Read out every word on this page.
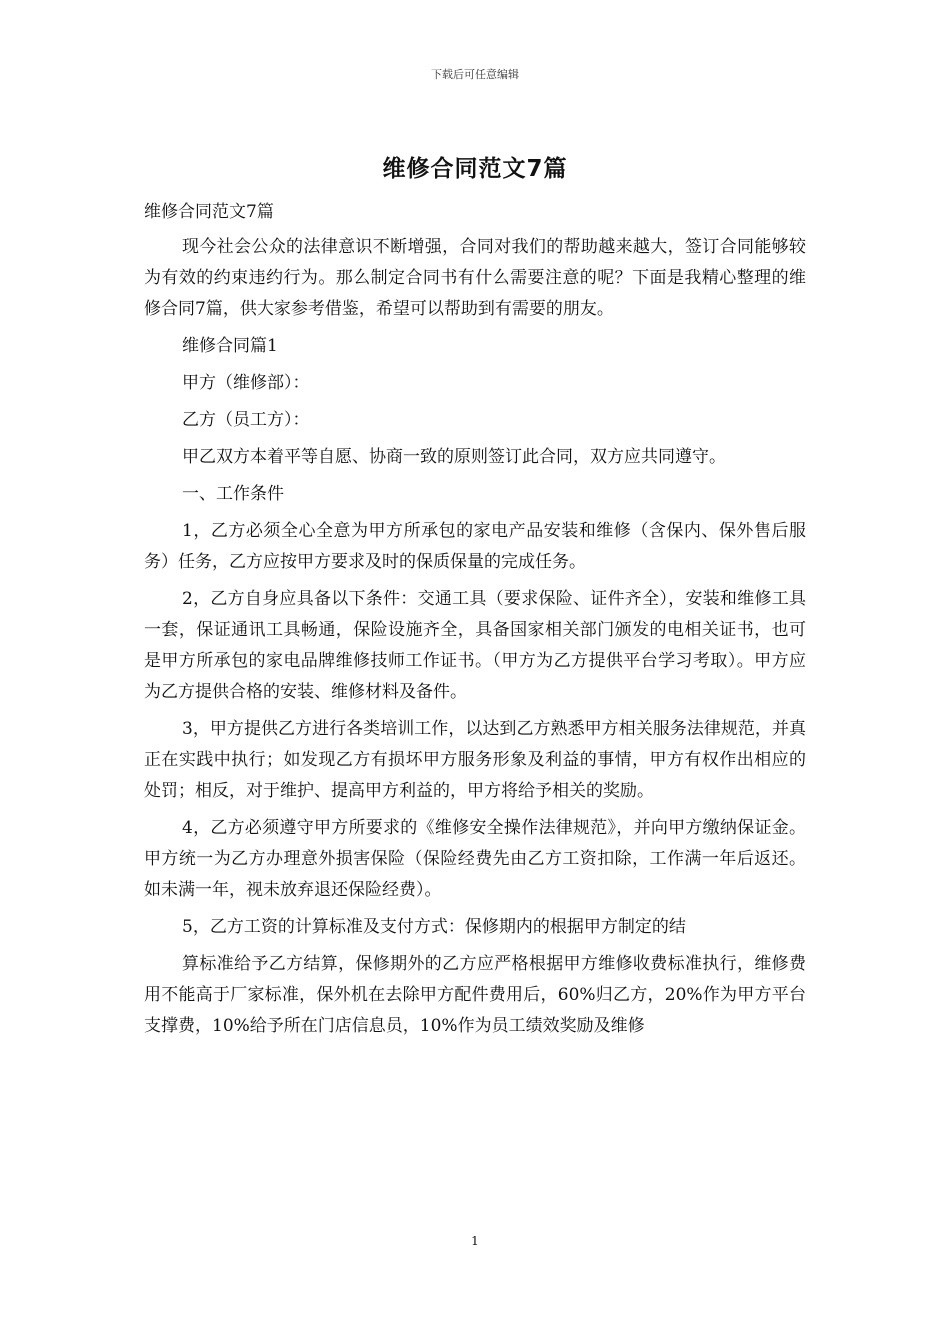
下载后可任意编辑
维修合同范文7篇

维修合同范文7篇

现今社会公众的法律意识不断增强，合同对我们的帮助越来越大，签订合同能够较为有效的约束违约行为。那么制定合同书有什么需要注意的呢？下面是我精心整理的维修合同7篇，供大家参考借鉴，希望可以帮助到有需要的朋友。

维修合同篇1

甲方（维修部）：

乙方（员工方）：

甲乙双方本着平等自愿、协商一致的原则签订此合同，双方应共同遵守。

一、工作条件

1，乙方必须全心全意为甲方所承包的家电产品安装和维修（含保内、保外售后服务）任务，乙方应按甲方要求及时的保质保量的完成任务。

2，乙方自身应具备以下条件：交通工具（要求保险、证件齐全），安装和维修工具一套，保证通讯工具畅通，保险设施齐全，具备国家相关部门颁发的电相关证书，也可是甲方所承包的家电品牌维修技师工作证书。（甲方为乙方提供平台学习考取）。甲方应为乙方提供合格的安装、维修材料及备件。

3，甲方提供乙方进行各类培训工作，以达到乙方熟悉甲方相关服务法律规范，并真正在实践中执行；如发现乙方有损坏甲方服务形象及利益的事情，甲方有权作出相应的处罚；相反，对于维护、提高甲方利益的，甲方将给予相关的奖励。

4，乙方必须遵守甲方所要求的《维修安全操作法律规范》，并向甲方缴纳保证金。甲方统一为乙方办理意外损害保险（保险经费先由乙方工资扣除，工作满一年后返还。如未满一年，视未放弃退还保险经费）。

5，乙方工资的计算标准及支付方式：保修期内的根据甲方制定的结

算标准给予乙方结算，保修期外的乙方应严格根据甲方维修收费标准执行，维修费用不能高于厂家标准，保外机在去除甲方配件费用后，60%归乙方，20%作为甲方平台支撑费，10%给予所在门店信息员，10%作为员工绩效奖励及维修

1
